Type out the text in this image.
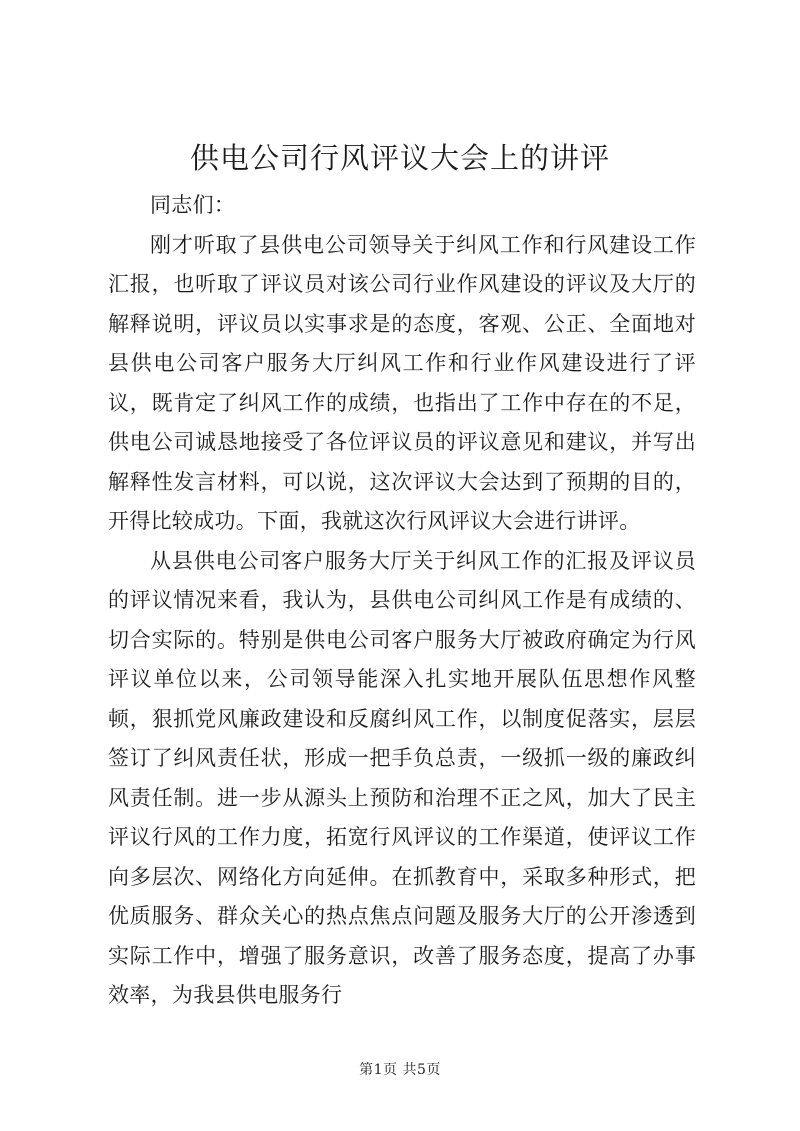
供电公司行风评议大会上的讲评

同志们：

刚才听取了县供电公司领导关于纠风工作和行风建设工作汇报，也听取了评议员对该公司行业作风建设的评议及大厅的解释说明，评议员以实事求是的态度，客观、公正、全面地对县供电公司客户服务大厅纠风工作和行业作风建设进行了评议，既肯定了纠风工作的成绩，也指出了工作中存在的不足，供电公司诚恳地接受了各位评议员的评议意见和建议，并写出解释性发言材料，可以说，这次评议大会达到了预期的目的，开得比较成功。下面，我就这次行风评议大会进行讲评。

从县供电公司客户服务大厅关于纠风工作的汇报及评议员的评议情况来看，我认为，县供电公司纠风工作是有成绩的、切合实际的。特别是供电公司客户服务大厅被政府确定为行风评议单位以来，公司领导能深入扎实地开展队伍思想作风整顿，狠抓党风廉政建设和反腐纠风工作，以制度促落实，层层签订了纠风责任状，形成一把手负总责，一级抓一级的廉政纠风责任制。进一步从源头上预防和治理不正之风，加大了民主评议行风的工作力度，拓宽行风评议的工作渠道，使评议工作向多层次、网络化方向延伸。在抓教育中，采取多种形式，把优质服务、群众关心的热点焦点问题及服务大厅的公开渗透到实际工作中，增强了服务意识，改善了服务态度，提高了办事效率，为我县供电服务行

第1页 共5页
